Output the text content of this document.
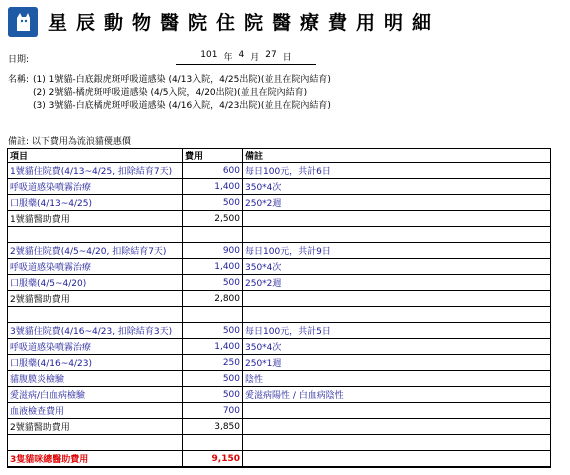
星辰動物醫院住院醫療費用明細
日期:	101 年 4 月 27 日
名稱: (1) 1號貓-白底銀虎斑呼吸道感染 (4/13入院，4/25出院)(並且在院內結育)
(2) 2號貓-橘虎斑呼吸道感染 (4/5入院，4/20出院)(並且在院內結育)
(3) 3號貓-白底橘虎斑呼吸道感染 (4/16入院，4/23出院)(並且在院內結育)
備註: 以下費用為流浪貓優惠價
項目	費用	備註
1號貓住院費(4/13~4/25, 扣除結育7天)	600	每日100元，共計6日
呼吸道感染噴霧治療	1,400	350*4次
口服藥(4/13~4/25)	500	250*2週
1號貓醫助費用	2,500	

2號貓住院費(4/5~4/20, 扣除結育7天)	900	每日100元，共計9日
呼吸道感染噴霧治療	1,400	350*4次
口服藥(4/5~4/20)	500	250*2週
2號貓醫助費用	2,800	

3號貓住院費(4/16~4/23, 扣除結育3天)	500	每日100元，共計5日
呼吸道感染噴霧治療	1,400	350*4次
口服藥(4/16~4/23)	250	250*1週
貓腹膜炎檢驗	500	陰性
愛滋病/白血病檢驗	500	愛滋病陽性 / 白血病陰性
血液檢查費用	700	
2號貓醫助費用	3,850	

3隻貓咪總醫助費用	9,150	
